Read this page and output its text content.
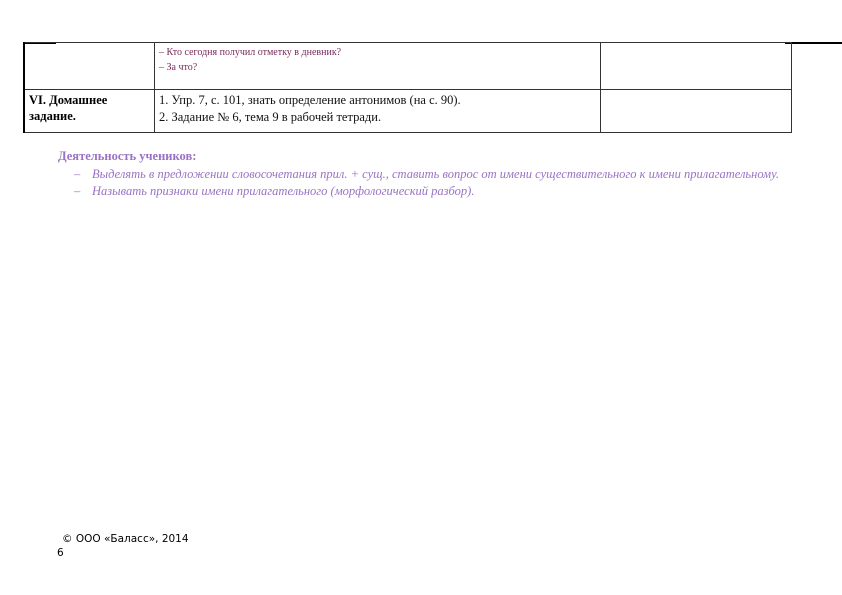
	– Кто сегодня получил отметку в дневник?
– За что?	

VI. Домашнее задание.	1. Упр. 7, с. 101, знать определение антонимов (на с. 90).
2. Задание № 6, тема 9 в рабочей тетради.	

Деятельность учеников:
– Выделять в предложении словосочетания прил. + сущ., ставить вопрос от имени существительного к имени прилагательному.
– Называть признаки имени прилагательного (морфологический разбор).
© ООО «Баласс», 2014
6
